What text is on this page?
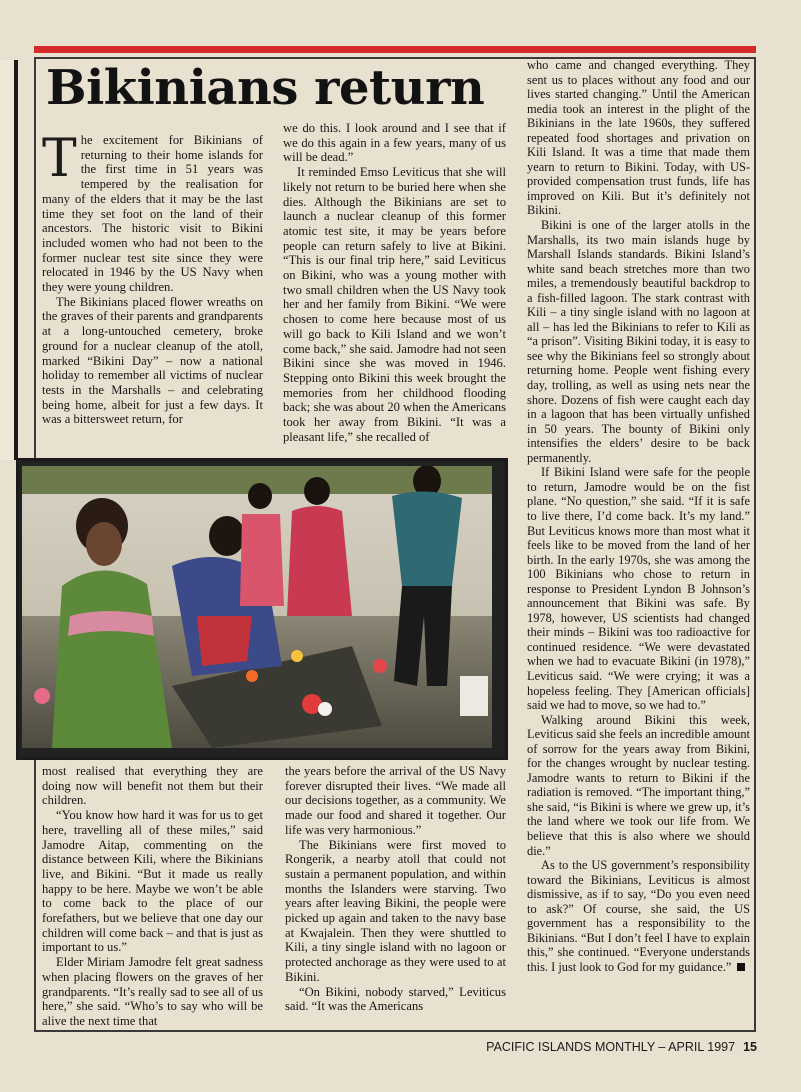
Bikinians return

The excitement for Bikinians of returning to their home islands for the first time in 51 years was tempered by the realisation for many of the elders that it may be the last time they set foot on the land of their ancestors. The historic visit to Bikini included women who had not been to the former nuclear test site since they were relocated in 1946 by the US Navy when they were young children.

The Bikinians placed flower wreaths on the graves of their parents and grandparents at a long-untouched cemetery, broke ground for a nuclear cleanup of the atoll, marked “Bikini Day” – now a national holiday to remember all victims of nuclear tests in the Marshalls – and celebrating being home, albeit for just a few days. It was a bittersweet return, for

we do this. I look around and I see that if we do this again in a few years, many of us will be dead.”

It reminded Emso Leviticus that she will likely not return to be buried here when she dies. Although the Bikinians are set to launch a nuclear cleanup of this former atomic test site, it may be years before people can return safely to live at Bikini. “This is our final trip here,” said Leviticus on Bikini, who was a young mother with two small children when the US Navy took her and her family from Bikini. “We were chosen to come here because most of us will go back to Kili Island and we won’t come back,” she said. Jamodre had not seen Bikini since she was moved in 1946. Stepping onto Bikini this week brought the memories from her childhood flooding back; she was about 20 when the Americans took her away from Bikini. “It was a pleasant life,” she recalled of

who came and changed everything. They sent us to places without any food and our lives started changing.” Until the American media took an interest in the plight of the Bikinians in the late 1960s, they suffered repeated food shortages and privation on Kili Island. It was a time that made them yearn to return to Bikini. Today, with US-provided compensation trust funds, life has improved on Kili. But it’s definitely not Bikini.

Bikini is one of the larger atolls in the Marshalls, its two main islands huge by Marshall Islands standards. Bikini Island’s white sand beach stretches more than two miles, a tremendously beautiful backdrop to a fish-filled lagoon. The stark contrast with Kili – a tiny single island with no lagoon at all – has led the Bikinians to refer to Kili as “a prison”. Visiting Bikini today, it is easy to see why the Bikinians feel so strongly about returning home. People went fishing every day, trolling, as well as using nets near the shore. Dozens of fish were caught each day in a lagoon that has been virtually unfished in 50 years. The bounty of Bikini only intensifies the elders’ desire to be back permanently.

If Bikini Island were safe for the people to return, Jamodre would be on the fist plane. “No question,” she said. “If it is safe to live there, I’d come back. It’s my land.” But Leviticus knows more than most what it feels like to be moved from the land of her birth. In the early 1970s, she was among the 100 Bikinians who chose to return in response to President Lyndon B Johnson’s announcement that Bikini was safe. By 1978, however, US scientists had changed their minds – Bikini was too radioactive for continued residence. “We were devastated when we had to evacuate Bikini (in 1978),” Leviticus said. “We were crying; it was a hopeless feeling. They [American officials] said we had to move, so we had to.”

Walking around Bikini this week, Leviticus said she feels an incredible amount of sorrow for the years away from Bikini, for the changes wrought by nuclear testing. Jamodre wants to return to Bikini if the radiation is removed. “The important thing,” she said, “is Bikini is where we grew up, it’s the land where we took our life from. We believe that this is also where we should die.”

As to the US government’s responsibility toward the Bikinians, Leviticus is almost dismissive, as if to say, “Do you even need to ask?” Of course, she said, the US government has a responsibility to the Bikinians. “But I don’t feel I have to explain this,” she continued. “Everyone understands this. I just look to God for my guidance.”

most realised that everything they are doing now will benefit not them but their children.

“You know how hard it was for us to get here, travelling all of these miles,” said Jamodre Aitap, commenting on the distance between Kili, where the Bikinians live, and Bikini. “But it made us really happy to be here. Maybe we won’t be able to come back to the place of our forefathers, but we believe that one day our children will come back – and that is just as important to us.”

Elder Miriam Jamodre felt great sadness when placing flowers on the graves of her grandparents. “It’s really sad to see all of us here,” she said. “Who’s to say who will be alive the next time that

the years before the arrival of the US Navy forever disrupted their lives. “We made all our decisions together, as a community. We made our food and shared it together. Our life was very harmonious.”

The Bikinians were first moved to Rongerik, a nearby atoll that could not sustain a permanent population, and within months the Islanders were starving. Two years after leaving Bikini, the people were picked up again and taken to the navy base at Kwajalein. Then they were shuttled to Kili, a tiny single island with no lagoon or protected anchorage as they were used to at Bikini.

“On Bikini, nobody starved,” Leviticus said. “It was the Americans

PACIFIC ISLANDS MONTHLY – APRIL 1997 15
